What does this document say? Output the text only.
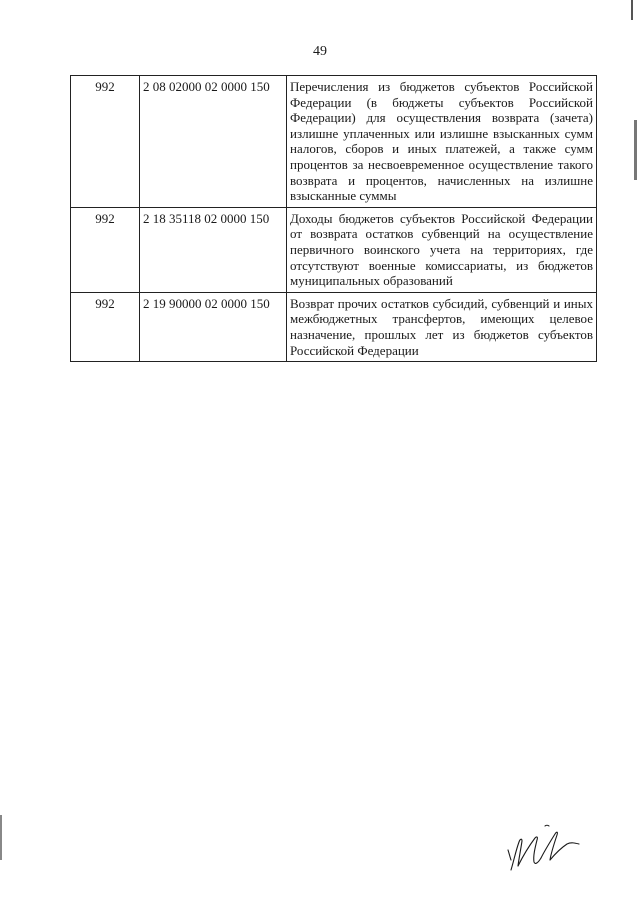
49
992	2 08 02000 02 0000 150	Перечисления из бюджетов субъектов Российской Федерации (в бюджеты субъектов Российской Федерации) для осуществления возврата (зачета) излишне уплаченных или излишне взысканных сумм налогов, сборов и иных платежей, а также сумм процентов за несвоевременное осуществление такого возврата и процентов, начисленных на излишне взысканные суммы
992	2 18 35118 02 0000 150	Доходы бюджетов субъектов Российской Федерации от возврата остатков субвенций на осуществление первичного воинского учета на территориях, где отсутствуют военные комиссариаты, из бюджетов муниципальных образований
992	2 19 90000 02 0000 150	Возврат прочих остатков субсидий, субвенций и иных межбюджетных трансфертов, имеющих целевое назначение, прошлых лет из бюджетов субъектов Российской Федерации
